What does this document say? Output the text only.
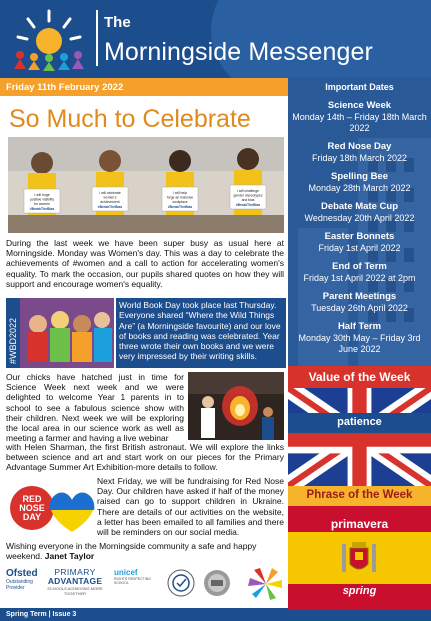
The
Morningside Messenger
Friday 11th February 2022	Important Dates
Science Week
Monday 14th – Friday 18th March 2022
Red Nose Day
Friday 18th March 2022
Spelling Bee
Monday 28th March 2022
Debate Mate Cup
Wednesday 20th April 2022
Easter Bonnets
Friday 1st April 2022
End of Term
Friday 1st April 2022 at 2pm
Parent Meetings
Tuesday 26th April 2022
Half Term
Monday 30th May – Friday 3rd June 2022
Value of the Week
patience
Phrase of the Week
primavera
spring
So Much to Celebrate
I will forge
positive visibility
for women
#BreakTheBias
I will celebrate
women's
achievement
#BreakTheBias
I will help
forge an inclusive
workplace
#BreakTheBias
I will challenge
gender stereotypes
and bias
#BreakTheBias
During the last week we have been super busy as usual here at Morningside. Monday was Women's day. This was a day to celebrate the achievements of #women and a call to action for accelerating women's equality. To mark the occasion, our pupils shared quotes on how they will support and encourage women's equality.
#WBD2022
World Book Day took place last Thursday. Everyone shared “Where the Wild Things Are” (a Morningside favourite) and our love of books and reading was celebrated. Year three wrote their own books and we were very impressed by their writing skills.
Our chicks have hatched just in time for Science Week next week and we were delighted to welcome Year 1 parents in to school to see a fabulous science show with their children. Next week we will be exploring the local area in our science work as well as meeting a farmer and having a live webinar
with Helen Sharman, the first British astronaut. We will explore the links between science and art and start work on our pieces for the Primary Advantage Summer Art Exhibition-more details to follow.
RED
NOSE
DAY
Next Friday, we will be fundraising for Red Nose Day. Our children have asked if half of the money raised can go to support children in Ukraine. There are details of our activities on the website, a letter has been emailed to all families and there will be reminders on our social media.
Wishing everyone in the Morningside community a safe and happy weekend. Janet Taylor
Ofsted
Outstanding Provider
PRIMARY
ADVANTAGE
SCHOOLS ACHIEVING MORE TOGETHER
unicef
RIGHTS RESPECTING SCHOOL
Spring Term | Issue 3
